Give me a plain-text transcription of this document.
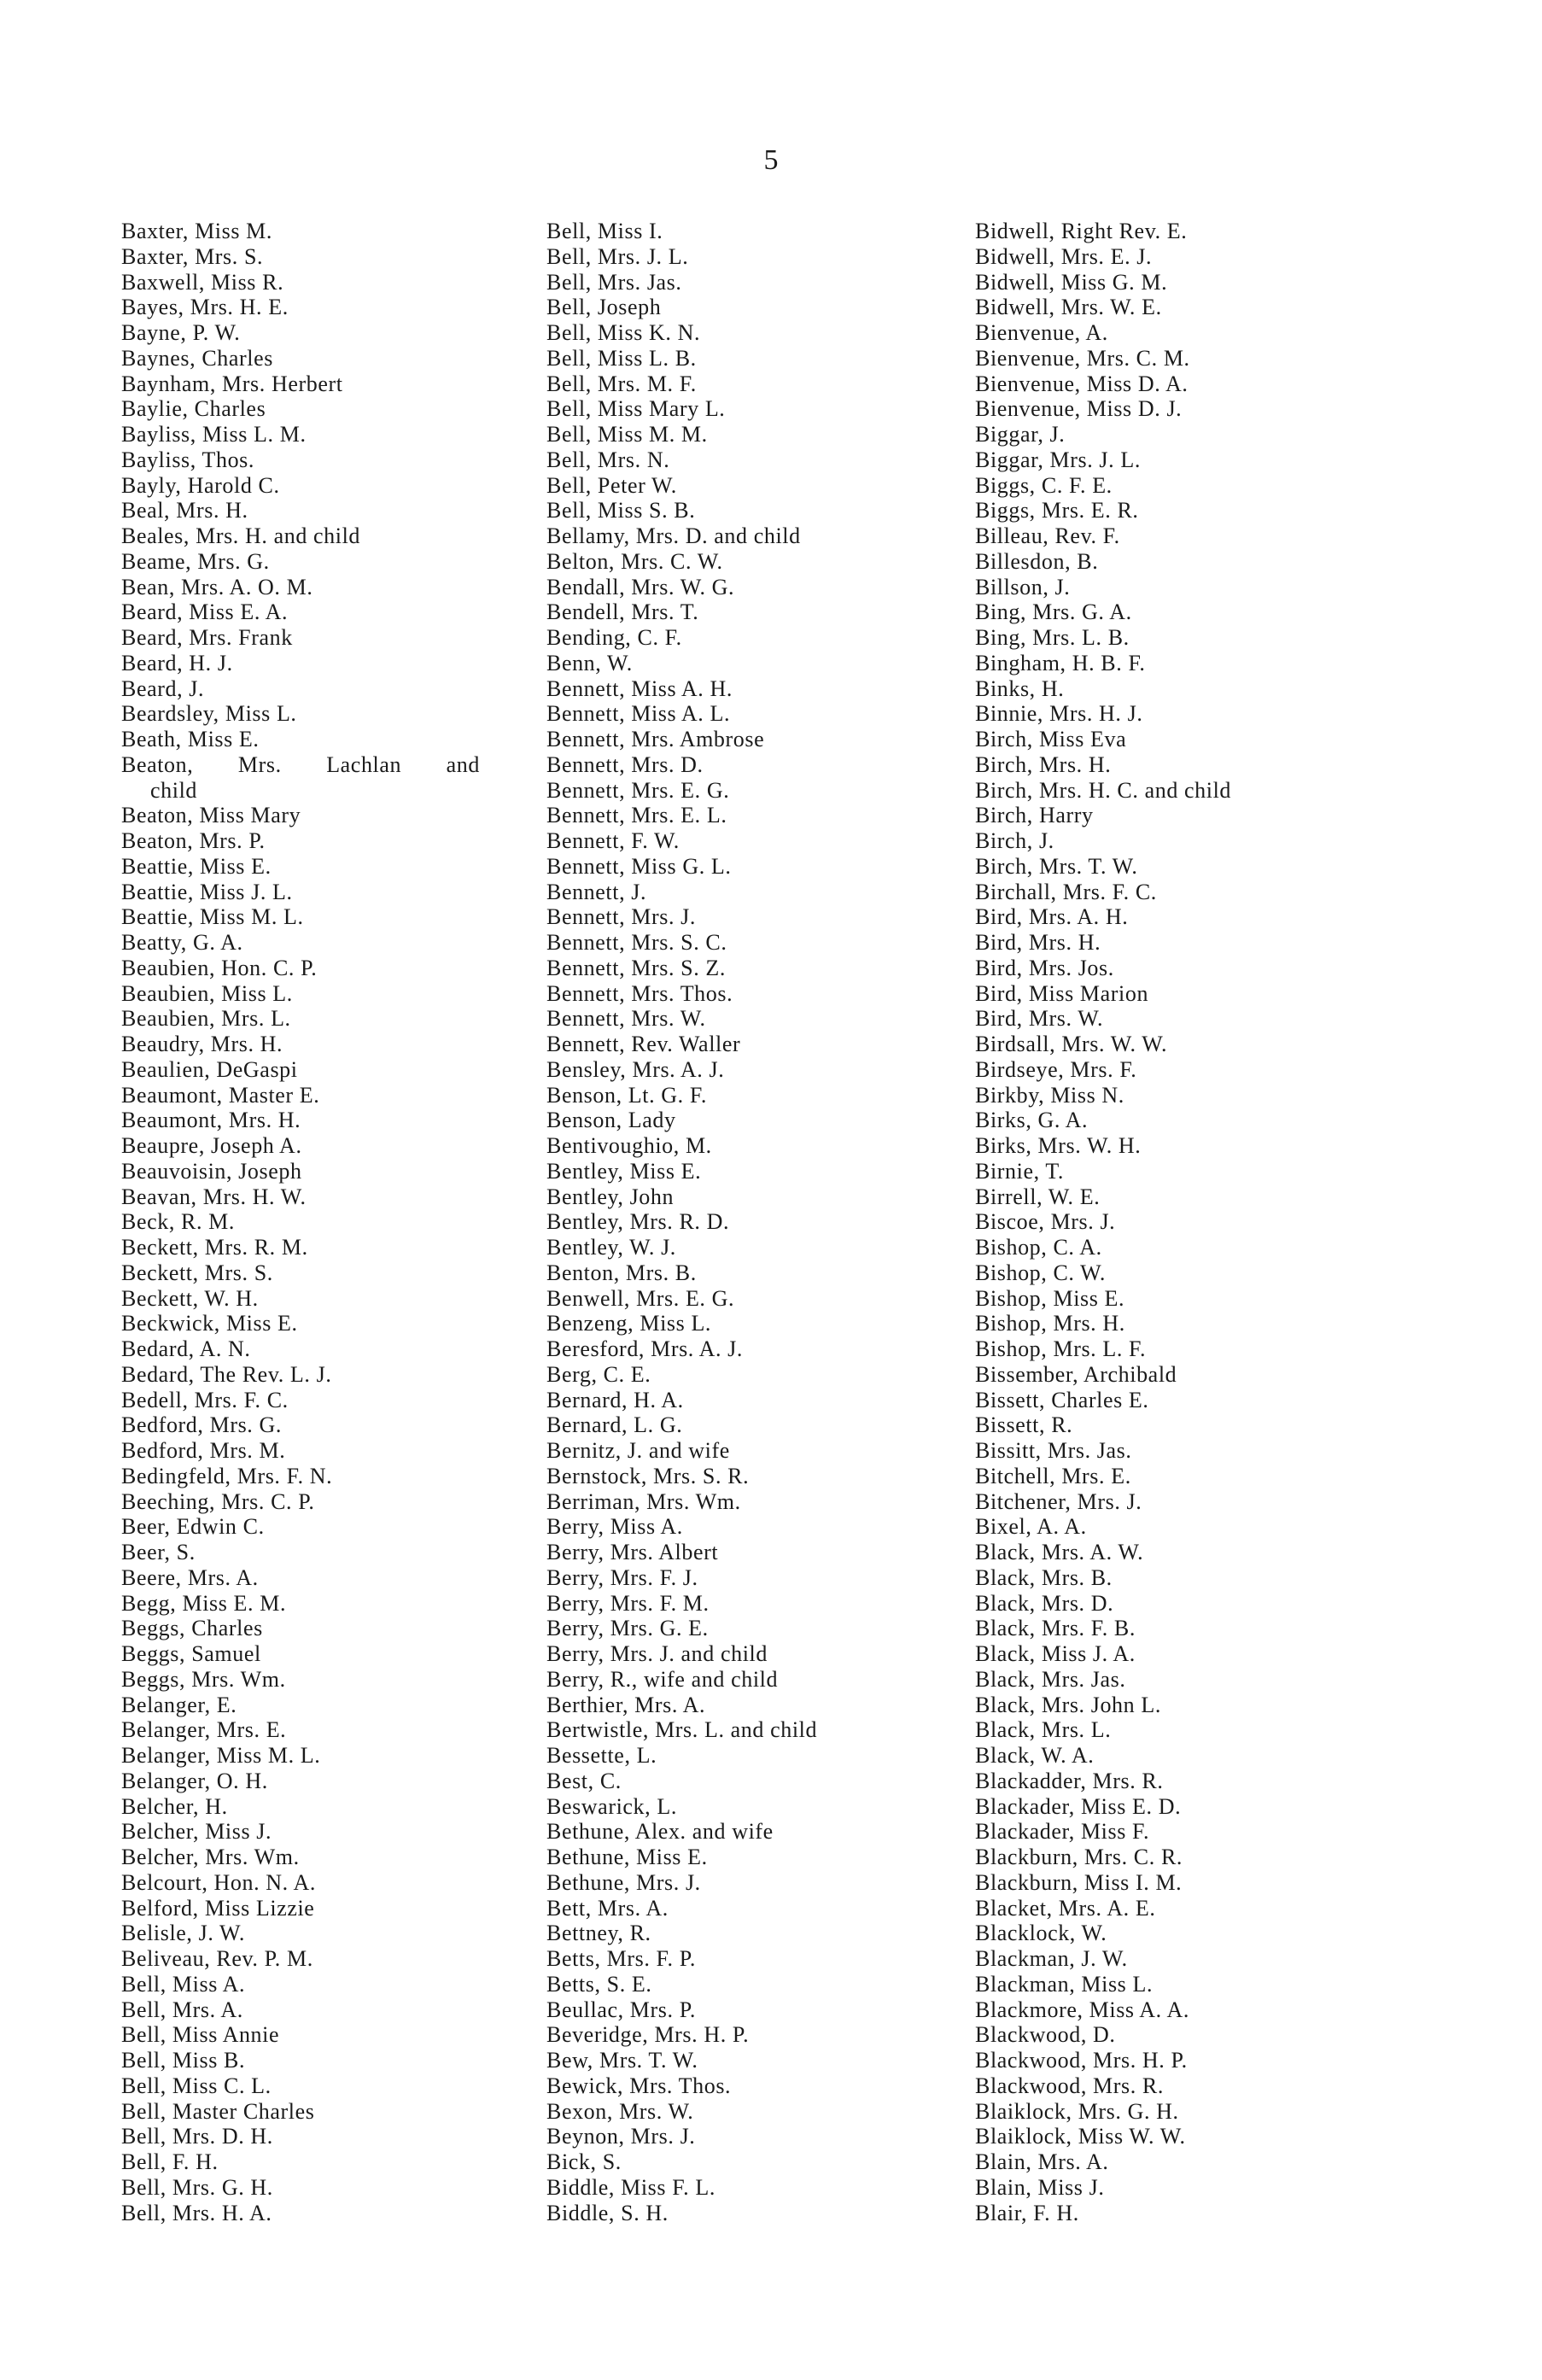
5
Baxter, Miss M.
Baxter, Mrs. S.
Baxwell, Miss R.
Bayes, Mrs. H. E.
Bayne, P. W.
Baynes, Charles
Baynham, Mrs. Herbert
Baylie, Charles
Bayliss, Miss L. M.
Bayliss, Thos.
Bayly, Harold C.
Beal, Mrs. H.
Beales, Mrs. H. and child
Beame, Mrs. G.
Bean, Mrs. A. O. M.
Beard, Miss E. A.
Beard, Mrs. Frank
Beard, H. J.
Beard, J.
Beardsley, Miss L.
Beath, Miss E.
Beaton, Mrs. Lachlan and
child
Beaton, Miss Mary
Beaton, Mrs. P.
Beattie, Miss E.
Beattie, Miss J. L.
Beattie, Miss M. L.
Beatty, G. A.
Beaubien, Hon. C. P.
Beaubien, Miss L.
Beaubien, Mrs. L.
Beaudry, Mrs. H.
Beaulien, DeGaspi
Beaumont, Master E.
Beaumont, Mrs. H.
Beaupre, Joseph A.
Beauvoisin, Joseph
Beavan, Mrs. H. W.
Beck, R. M.
Beckett, Mrs. R. M.
Beckett, Mrs. S.
Beckett, W. H.
Beckwick, Miss E.
Bedard, A. N.
Bedard, The Rev. L. J.
Bedell, Mrs. F. C.
Bedford, Mrs. G.
Bedford, Mrs. M.
Bedingfeld, Mrs. F. N.
Beeching, Mrs. C. P.
Beer, Edwin C.
Beer, S.
Beere, Mrs. A.
Begg, Miss E. M.
Beggs, Charles
Beggs, Samuel
Beggs, Mrs. Wm.
Belanger, E.
Belanger, Mrs. E.
Belanger, Miss M. L.
Belanger, O. H.
Belcher, H.
Belcher, Miss J.
Belcher, Mrs. Wm.
Belcourt, Hon. N. A.
Belford, Miss Lizzie
Belisle, J. W.
Beliveau, Rev. P. M.
Bell, Miss A.
Bell, Mrs. A.
Bell, Miss Annie
Bell, Miss B.
Bell, Miss C. L.
Bell, Master Charles
Bell, Mrs. D. H.
Bell, F. H.
Bell, Mrs. G. H.
Bell, Mrs. H. A.
Bell, Miss I.
Bell, Mrs. J. L.
Bell, Mrs. Jas.
Bell, Joseph
Bell, Miss K. N.
Bell, Miss L. B.
Bell, Mrs. M. F.
Bell, Miss Mary L.
Bell, Miss M. M.
Bell, Mrs. N.
Bell, Peter W.
Bell, Miss S. B.
Bellamy, Mrs. D. and child
Belton, Mrs. C. W.
Bendall, Mrs. W. G.
Bendell, Mrs. T.
Bending, C. F.
Benn, W.
Bennett, Miss A. H.
Bennett, Miss A. L.
Bennett, Mrs. Ambrose
Bennett, Mrs. D.
Bennett, Mrs. E. G.
Bennett, Mrs. E. L.
Bennett, F. W.
Bennett, Miss G. L.
Bennett, J.
Bennett, Mrs. J.
Bennett, Mrs. S. C.
Bennett, Mrs. S. Z.
Bennett, Mrs. Thos.
Bennett, Mrs. W.
Bennett, Rev. Waller
Bensley, Mrs. A. J.
Benson, Lt. G. F.
Benson, Lady
Bentivoughio, M.
Bentley, Miss E.
Bentley, John
Bentley, Mrs. R. D.
Bentley, W. J.
Benton, Mrs. B.
Benwell, Mrs. E. G.
Benzeng, Miss L.
Beresford, Mrs. A. J.
Berg, C. E.
Bernard, H. A.
Bernard, L. G.
Bernitz, J. and wife
Bernstock, Mrs. S. R.
Berriman, Mrs. Wm.
Berry, Miss A.
Berry, Mrs. Albert
Berry, Mrs. F. J.
Berry, Mrs. F. M.
Berry, Mrs. G. E.
Berry, Mrs. J. and child
Berry, R., wife and child
Berthier, Mrs. A.
Bertwistle, Mrs. L. and child
Bessette, L.
Best, C.
Beswarick, L.
Bethune, Alex. and wife
Bethune, Miss E.
Bethune, Mrs. J.
Bett, Mrs. A.
Bettney, R.
Betts, Mrs. F. P.
Betts, S. E.
Beullac, Mrs. P.
Beveridge, Mrs. H. P.
Bew, Mrs. T. W.
Bewick, Mrs. Thos.
Bexon, Mrs. W.
Beynon, Mrs. J.
Bick, S.
Biddle, Miss F. L.
Biddle, S. H.
Bidwell, Right Rev. E.
Bidwell, Mrs. E. J.
Bidwell, Miss G. M.
Bidwell, Mrs. W. E.
Bienvenue, A.
Bienvenue, Mrs. C. M.
Bienvenue, Miss D. A.
Bienvenue, Miss D. J.
Biggar, J.
Biggar, Mrs. J. L.
Biggs, C. F. E.
Biggs, Mrs. E. R.
Billeau, Rev. F.
Billesdon, B.
Billson, J.
Bing, Mrs. G. A.
Bing, Mrs. L. B.
Bingham, H. B. F.
Binks, H.
Binnie, Mrs. H. J.
Birch, Miss Eva
Birch, Mrs. H.
Birch, Mrs. H. C. and child
Birch, Harry
Birch, J.
Birch, Mrs. T. W.
Birchall, Mrs. F. C.
Bird, Mrs. A. H.
Bird, Mrs. H.
Bird, Mrs. Jos.
Bird, Miss Marion
Bird, Mrs. W.
Birdsall, Mrs. W. W.
Birdseye, Mrs. F.
Birkby, Miss N.
Birks, G. A.
Birks, Mrs. W. H.
Birnie, T.
Birrell, W. E.
Biscoe, Mrs. J.
Bishop, C. A.
Bishop, C. W.
Bishop, Miss E.
Bishop, Mrs. H.
Bishop, Mrs. L. F.
Bissember, Archibald
Bissett, Charles E.
Bissett, R.
Bissitt, Mrs. Jas.
Bitchell, Mrs. E.
Bitchener, Mrs. J.
Bixel, A. A.
Black, Mrs. A. W.
Black, Mrs. B.
Black, Mrs. D.
Black, Mrs. F. B.
Black, Miss J. A.
Black, Mrs. Jas.
Black, Mrs. John L.
Black, Mrs. L.
Black, W. A.
Blackadder, Mrs. R.
Blackader, Miss E. D.
Blackader, Miss F.
Blackburn, Mrs. C. R.
Blackburn, Miss I. M.
Blacket, Mrs. A. E.
Blacklock, W.
Blackman, J. W.
Blackman, Miss L.
Blackmore, Miss A. A.
Blackwood, D.
Blackwood, Mrs. H. P.
Blackwood, Mrs. R.
Blaiklock, Mrs. G. H.
Blaiklock, Miss W. W.
Blain, Mrs. A.
Blain, Miss J.
Blair, F. H.
